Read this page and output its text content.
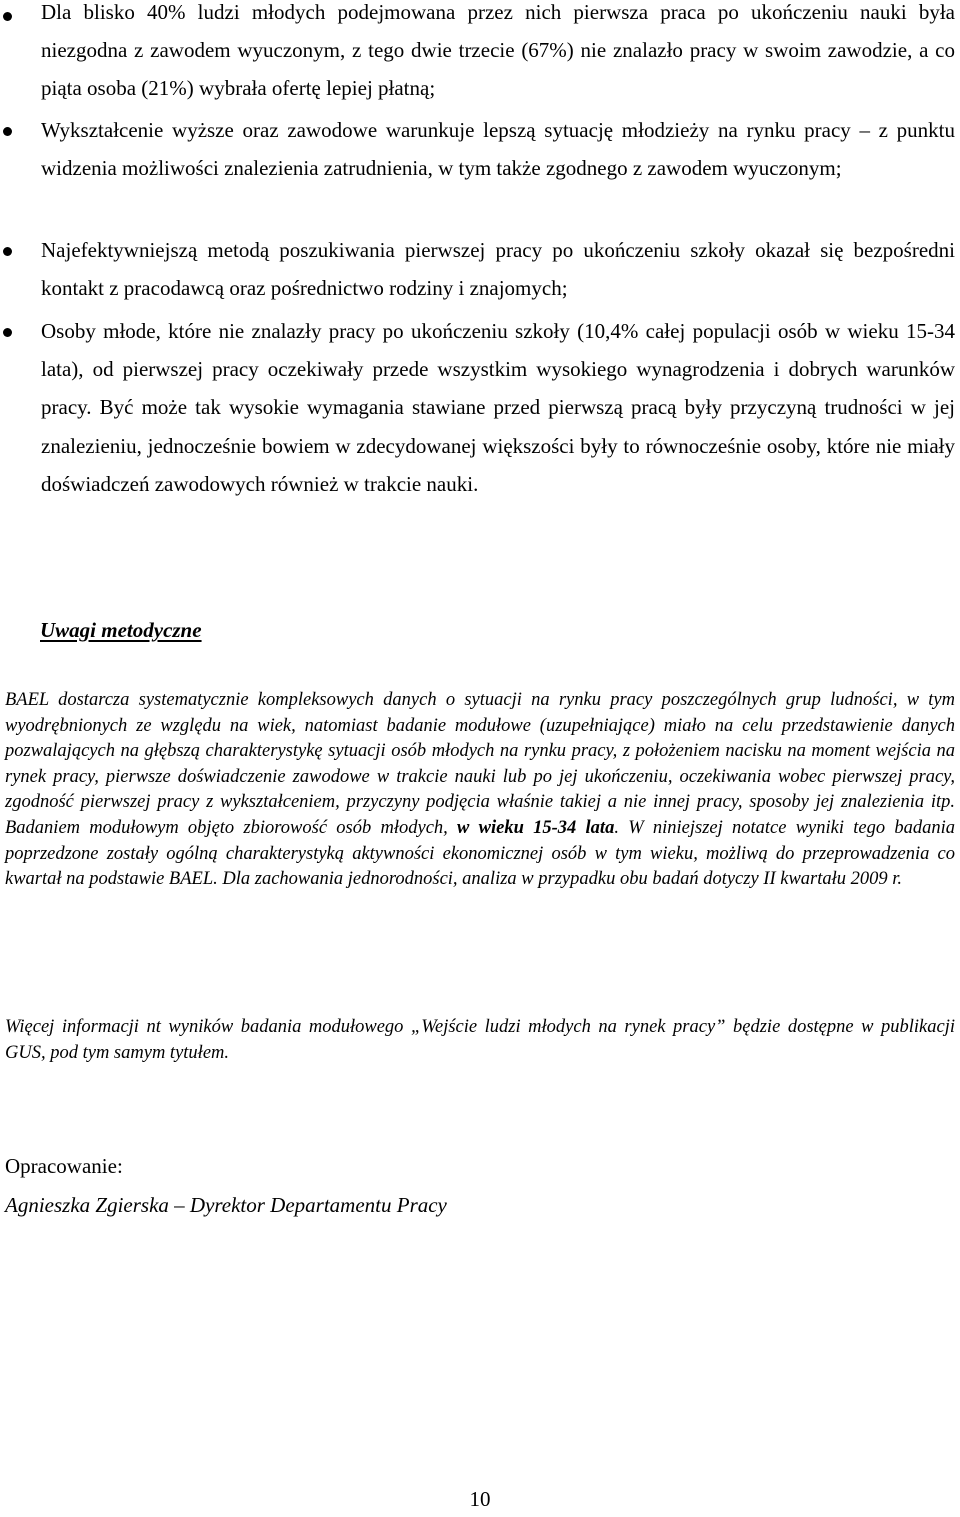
Dla blisko 40% ludzi młodych podejmowana przez nich pierwsza praca po ukończeniu nauki była niezgodna z zawodem wyuczonym, z tego dwie trzecie (67%) nie znalazło pracy w swoim zawodzie, a co piąta osoba (21%) wybrała ofertę lepiej płatną;
Wykształcenie wyższe oraz zawodowe warunkuje lepszą sytuację młodzieży na rynku pracy – z punktu widzenia możliwości znalezienia zatrudnienia, w tym także zgodnego z zawodem wyuczonym;
Najefektywniejszą metodą poszukiwania pierwszej pracy po ukończeniu szkoły okazał się bezpośredni kontakt z pracodawcą oraz pośrednictwo rodziny i znajomych;
Osoby młode, które nie znalazły pracy po ukończeniu szkoły (10,4% całej populacji osób w wieku 15-34 lata), od pierwszej pracy oczekiwały przede wszystkim wysokiego wynagrodzenia i dobrych warunków pracy. Być może tak wysokie wymagania stawiane przed pierwszą pracą były przyczyną trudności w jej znalezieniu, jednocześnie bowiem w zdecydowanej większości były to równocześnie osoby, które nie miały doświadczeń zawodowych również w trakcie nauki.
Uwagi metodyczne

BAEL dostarcza systematycznie kompleksowych danych o sytuacji na rynku pracy poszczególnych grup ludności, w tym wyodrębnionych ze względu na wiek, natomiast badanie modułowe (uzupełniające) miało na celu przedstawienie danych pozwalających na głębszą charakterystykę sytuacji osób młodych na rynku pracy, z położeniem nacisku na moment wejścia na rynek pracy, pierwsze doświadczenie zawodowe w trakcie nauki lub po jej ukończeniu, oczekiwania wobec pierwszej pracy, zgodność pierwszej pracy z wykształceniem, przyczyny podjęcia właśnie takiej a nie innej pracy, sposoby jej znalezienia itp. Badaniem modułowym objęto zbiorowość osób młodych, w wieku 15-34 lata. W niniejszej notatce wyniki tego badania poprzedzone zostały ogólną charakterystyką aktywności ekonomicznej osób w tym wieku, możliwą do przeprowadzenia co kwartał na podstawie BAEL. Dla zachowania jednorodności, analiza w przypadku obu badań dotyczy II kwartału 2009 r.

Więcej informacji nt wyników badania modułowego „Wejście ludzi młodych na rynek pracy” będzie dostępne w publikacji GUS, pod tym samym tytułem.

Opracowanie:

Agnieszka Zgierska – Dyrektor Departamentu Pracy

10
